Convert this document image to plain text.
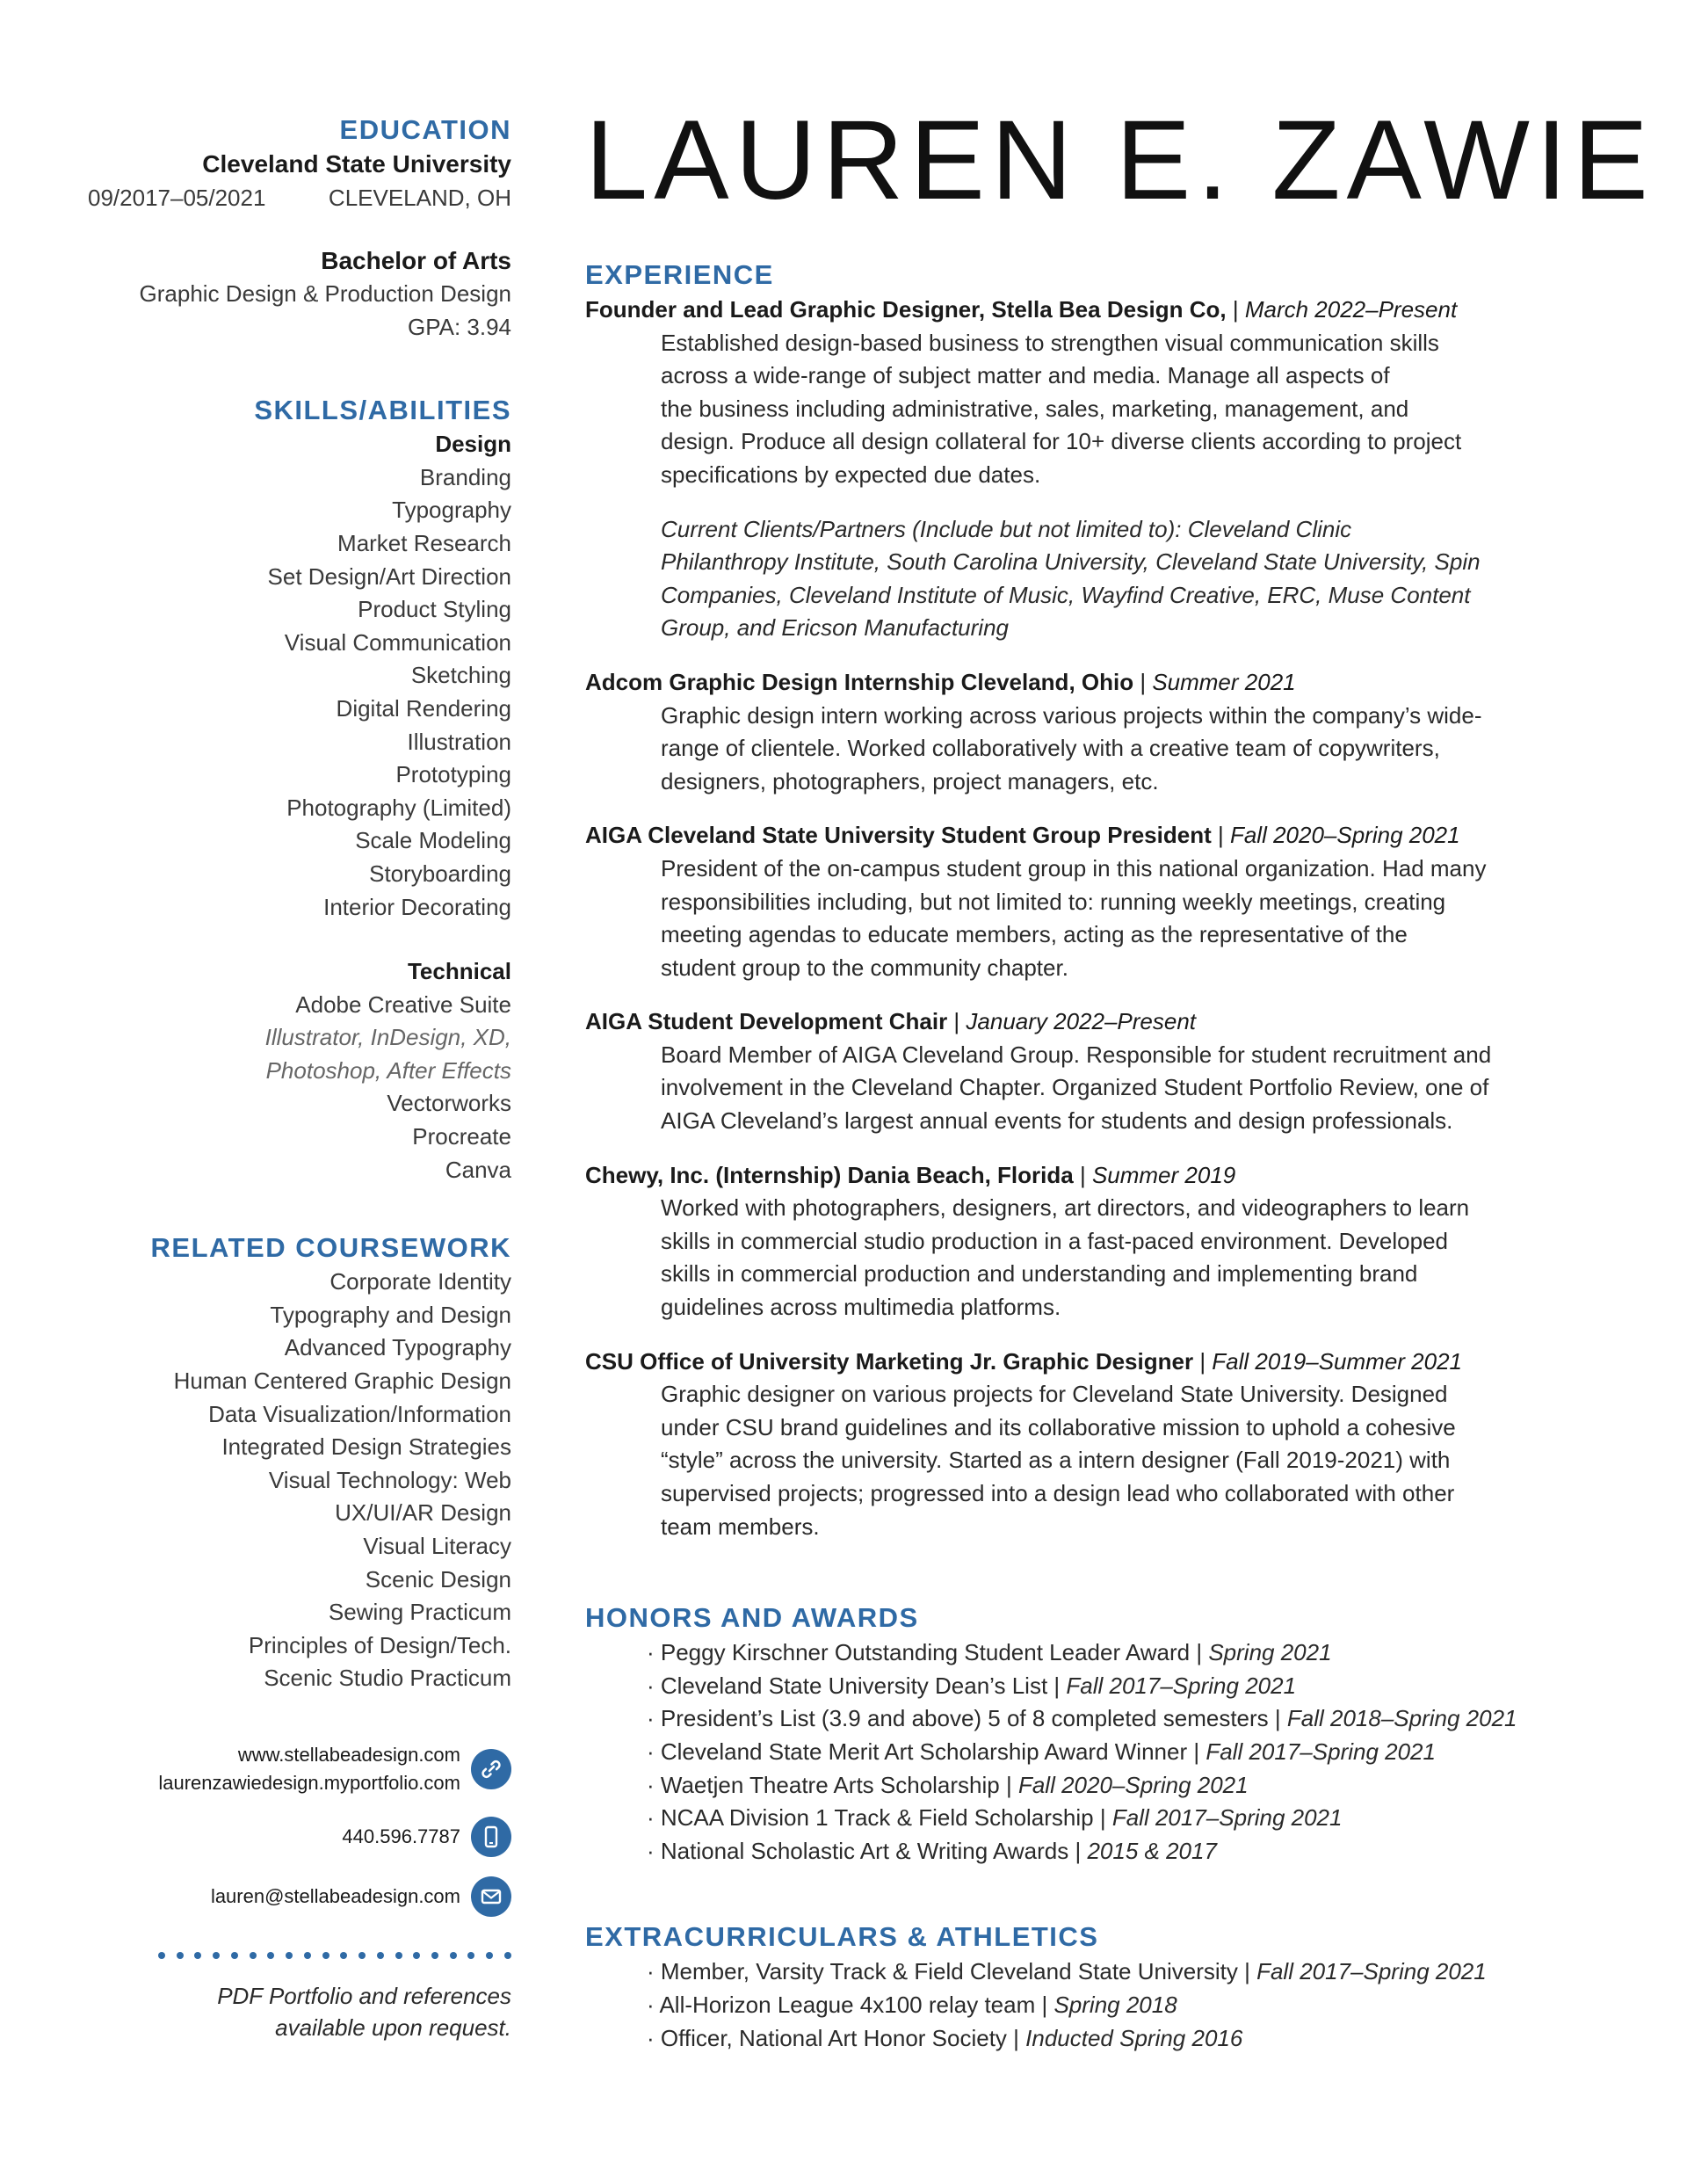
EDUCATION
Cleveland State University
09/2017–05/2021	CLEVELAND, OH
Bachelor of Arts
Graphic Design & Production Design
GPA: 3.94
SKILLS/ABILITIES
Design
Branding
Typography
Market Research
Set Design/Art Direction
Product Styling
Visual Communication
Sketching
Digital Rendering
Illustration
Prototyping
Photography (Limited)
Scale Modeling
Storyboarding
Interior Decorating
Technical
Adobe Creative Suite
Illustrator, InDesign, XD,
Photoshop, After Effects
Vectorworks
Procreate
Canva
RELATED COURSEWORK
Corporate Identity
Typography and Design
Advanced Typography
Human Centered Graphic Design
Data Visualization/Information
Integrated Design Strategies
Visual Technology: Web
UX/UI/AR Design
Visual Literacy
Scenic Design
Sewing Practicum
Principles of Design/Tech.
Scenic Studio Practicum
www.stellabeadesign.com
laurenzawiedesign.myportfolio.com
440.596.7787
lauren@stellabeadesign.com
PDF Portfolio and references
available upon request.
LAUREN E. ZAWIE
EXPERIENCE
Founder and Lead Graphic Designer, Stella Bea Design Co, | March 2022–Present
Established design-based business to strengthen visual communication skills
across a wide-range of subject matter and media. Manage all aspects of
the business including administrative, sales, marketing, management, and
design. Produce all design collateral for 10+ diverse clients according to project
specifications by expected due dates.
Current Clients/Partners (Include but not limited to): Cleveland Clinic
Philanthropy Institute, South Carolina University, Cleveland State University, Spin
Companies, Cleveland Institute of Music, Wayfind Creative, ERC, Muse Content
Group, and Ericson Manufacturing
Adcom Graphic Design Internship Cleveland, Ohio | Summer 2021
Graphic design intern working across various projects within the company’s wide-
range of clientele. Worked collaboratively with a creative team of copywriters,
designers, photographers, project managers, etc.
AIGA Cleveland State University Student Group President | Fall 2020–Spring 2021
President of the on-campus student group in this national organization. Had many
responsibilities including, but not limited to: running weekly meetings, creating
meeting agendas to educate members, acting as the representative of the
student group to the community chapter.
AIGA Student Development Chair | January 2022–Present
Board Member of AIGA Cleveland Group. Responsible for student recruitment and
involvement in the Cleveland Chapter. Organized Student Portfolio Review, one of
AIGA Cleveland’s largest annual events for students and design professionals.
Chewy, Inc. (Internship) Dania Beach, Florida | Summer 2019
Worked with photographers, designers, art directors, and videographers to learn
skills in commercial studio production in a fast-paced environment. Developed
skills in commercial production and understanding and implementing brand
guidelines across multimedia platforms.
CSU Office of University Marketing Jr. Graphic Designer | Fall 2019–Summer 2021
Graphic designer on various projects for Cleveland State University. Designed
under CSU brand guidelines and its collaborative mission to uphold a cohesive
“style” across the university. Started as a intern designer (Fall 2019-2021) with
supervised projects; progressed into a design lead who collaborated with other
team members.
HONORS AND AWARDS
· Peggy Kirschner Outstanding Student Leader Award | Spring 2021
· Cleveland State University Dean’s List | Fall 2017–Spring 2021
· President’s List (3.9 and above) 5 of 8 completed semesters | Fall 2018–Spring 2021
· Cleveland State Merit Art Scholarship Award Winner | Fall 2017–Spring 2021
· Waetjen Theatre Arts Scholarship | Fall 2020–Spring 2021
· NCAA Division 1 Track & Field Scholarship | Fall 2017–Spring 2021
· National Scholastic Art & Writing Awards | 2015 & 2017
EXTRACURRICULARS & ATHLETICS
· Member, Varsity Track & Field Cleveland State University | Fall 2017–Spring 2021
· All-Horizon League 4x100 relay team | Spring 2018
· Officer, National Art Honor Society | Inducted Spring 2016
